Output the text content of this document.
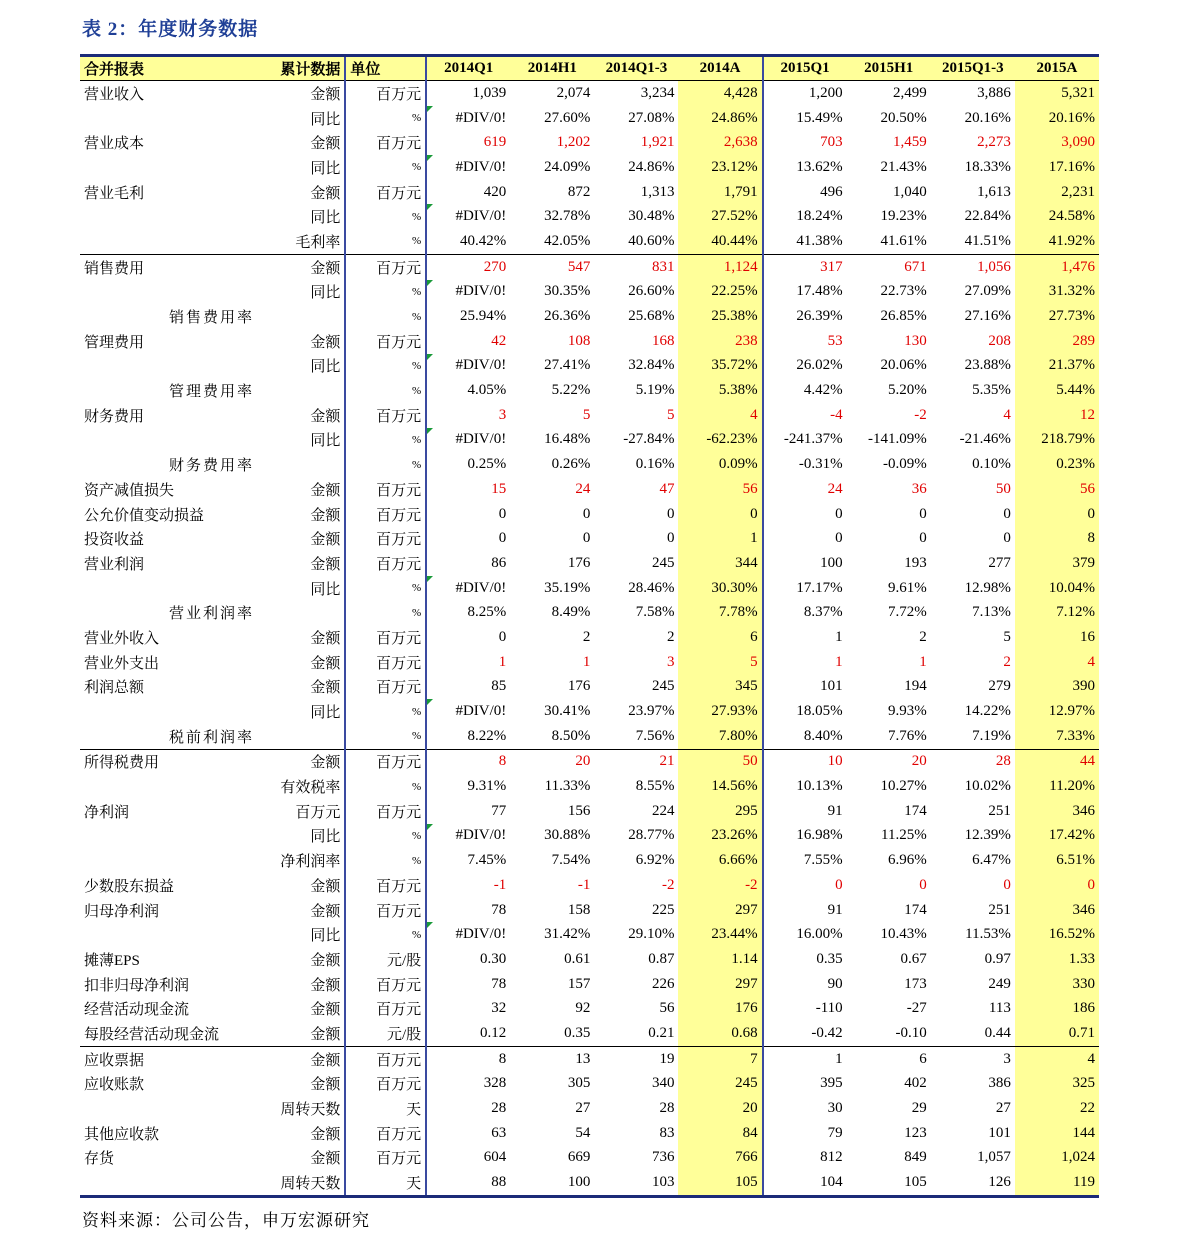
表 2：年度财务数据
合并报表	累计数据	单位	2014Q1	2014H1	2014Q1-3	2014A	2015Q1	2015H1	2015Q1-3	2015A
营业收入	金额	百万元	1,039	2,074	3,234	4,428	1,200	2,499	3,886	5,321
	同比	%	#DIV/0!	27.60%	27.08%	24.86%	15.49%	20.50%	20.16%	20.16%
营业成本	金额	百万元	619	1,202	1,921	2,638	703	1,459	2,273	3,090
	同比	%	#DIV/0!	24.09%	24.86%	23.12%	13.62%	21.43%	18.33%	17.16%
营业毛利	金额	百万元	420	872	1,313	1,791	496	1,040	1,613	2,231
	同比	%	#DIV/0!	32.78%	30.48%	27.52%	18.24%	19.23%	22.84%	24.58%
	毛利率	%	40.42%	42.05%	40.60%	40.44%	41.38%	41.61%	41.51%	41.92%
销售费用	金额	百万元	270	547	831	1,124	317	671	1,056	1,476
	同比	%	#DIV/0!	30.35%	26.60%	22.25%	17.48%	22.73%	27.09%	31.32%
销售费用率		%	25.94%	26.36%	25.68%	25.38%	26.39%	26.85%	27.16%	27.73%
管理费用	金额	百万元	42	108	168	238	53	130	208	289
	同比	%	#DIV/0!	27.41%	32.84%	35.72%	26.02%	20.06%	23.88%	21.37%
管理费用率		%	4.05%	5.22%	5.19%	5.38%	4.42%	5.20%	5.35%	5.44%
财务费用	金额	百万元	3	5	5	4	-4	-2	4	12
	同比	%	#DIV/0!	16.48%	-27.84%	-62.23%	-241.37%	-141.09%	-21.46%	218.79%
财务费用率		%	0.25%	0.26%	0.16%	0.09%	-0.31%	-0.09%	0.10%	0.23%
资产减值损失	金额	百万元	15	24	47	56	24	36	50	56
公允价值变动损益	金额	百万元	0	0	0	0	0	0	0	0
投资收益	金额	百万元	0	0	0	1	0	0	0	8
营业利润	金额	百万元	86	176	245	344	100	193	277	379
	同比	%	#DIV/0!	35.19%	28.46%	30.30%	17.17%	9.61%	12.98%	10.04%
营业利润率		%	8.25%	8.49%	7.58%	7.78%	8.37%	7.72%	7.13%	7.12%
营业外收入	金额	百万元	0	2	2	6	1	2	5	16
营业外支出	金额	百万元	1	1	3	5	1	1	2	4
利润总额	金额	百万元	85	176	245	345	101	194	279	390
	同比	%	#DIV/0!	30.41%	23.97%	27.93%	18.05%	9.93%	14.22%	12.97%
税前利润率		%	8.22%	8.50%	7.56%	7.80%	8.40%	7.76%	7.19%	7.33%
所得税费用	金额	百万元	8	20	21	50	10	20	28	44
	有效税率	%	9.31%	11.33%	8.55%	14.56%	10.13%	10.27%	10.02%	11.20%
净利润	百万元	百万元	77	156	224	295	91	174	251	346
	同比	%	#DIV/0!	30.88%	28.77%	23.26%	16.98%	11.25%	12.39%	17.42%
	净利润率	%	7.45%	7.54%	6.92%	6.66%	7.55%	6.96%	6.47%	6.51%
少数股东损益	金额	百万元	-1	-1	-2	-2	0	0	0	0
归母净利润	金额	百万元	78	158	225	297	91	174	251	346
	同比	%	#DIV/0!	31.42%	29.10%	23.44%	16.00%	10.43%	11.53%	16.52%
摊薄EPS	金额	元/股	0.30	0.61	0.87	1.14	0.35	0.67	0.97	1.33
扣非归母净利润	金额	百万元	78	157	226	297	90	173	249	330
经营活动现金流	金额	百万元	32	92	56	176	-110	-27	113	186
每股经营活动现金流	金额	元/股	0.12	0.35	0.21	0.68	-0.42	-0.10	0.44	0.71
应收票据	金额	百万元	8	13	19	7	1	6	3	4
应收账款	金额	百万元	328	305	340	245	395	402	386	325
	周转天数	天	28	27	28	20	30	29	27	22
其他应收款	金额	百万元	63	54	83	84	79	123	101	144
存货	金额	百万元	604	669	736	766	812	849	1,057	1,024
	周转天数	天	88	100	103	105	104	105	126	119
资料来源：公司公告，申万宏源研究
